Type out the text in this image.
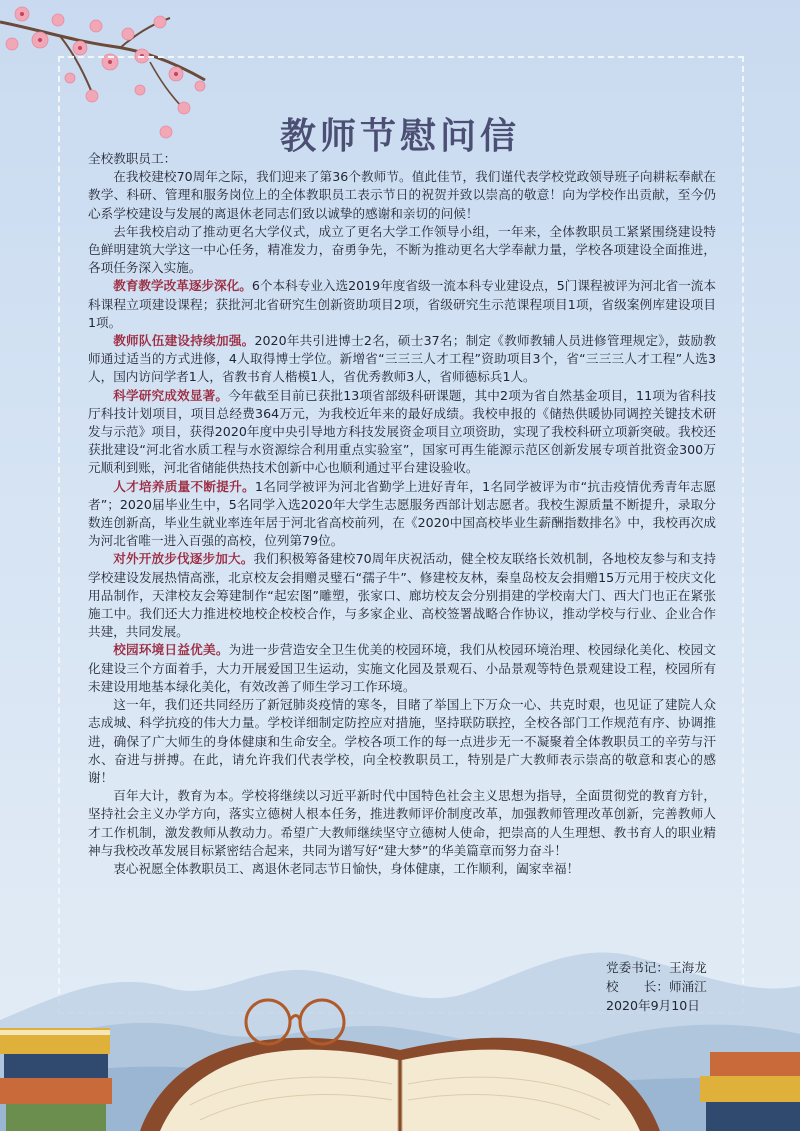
教师节慰问信

全校教职员工：

在我校建校70周年之际，我们迎来了第36个教师节。值此佳节，我们谨代表学校党政领导班子向耕耘奉献在教学、科研、管理和服务岗位上的全体教职员工表示节日的祝贺并致以崇高的敬意！向为学校作出贡献，至今仍心系学校建设与发展的离退休老同志们致以诚挚的感谢和亲切的问候！

去年我校启动了推动更名大学仪式，成立了更名大学工作领导小组，一年来，全体教职员工紧紧围绕建设特色鲜明建筑大学这一中心任务，精准发力，奋勇争先，不断为推动更名大学奉献力量，学校各项建设全面推进，各项任务深入实施。

教育教学改革逐步深化。6个本科专业入选2019年度省级一流本科专业建设点，5门课程被评为河北省一流本科课程立项建设课程；获批河北省研究生创新资助项目2项，省级研究生示范课程项目1项，省级案例库建设项目1项。

教师队伍建设持续加强。2020年共引进博士2名，硕士37名；制定《教师教辅人员进修管理规定》，鼓励教师通过适当的方式进修，4人取得博士学位。新增省“三三三人才工程”资助项目3个，省“三三三人才工程”人选3人，国内访问学者1人，省教书育人楷模1人，省优秀教师3人，省师德标兵1人。

科学研究成效显著。今年截至目前已获批13项省部级科研课题，其中2项为省自然基金项目，11项为省科技厅科技计划项目，项目总经费364万元，为我校近年来的最好成绩。我校申报的《储热供暖协同调控关键技术研发与示范》项目，获得2020年度中央引导地方科技发展资金项目立项资助，实现了我校科研立项新突破。我校还获批建设“河北省水质工程与水资源综合利用重点实验室”，国家可再生能源示范区创新发展专项首批资金300万元顺利到账，河北省储能供热技术创新中心也顺利通过平台建设验收。

人才培养质量不断提升。1名同学被评为河北省勤学上进好青年，1名同学被评为市“抗击疫情优秀青年志愿者”；2020届毕业生中，5名同学入选2020年大学生志愿服务西部计划志愿者。我校生源质量不断提升，录取分数连创新高，毕业生就业率连年居于河北省高校前列，在《2020中国高校毕业生薪酬指数排名》中，我校再次成为河北省唯一进入百强的高校，位列第79位。

对外开放步伐逐步加大。我们积极筹备建校70周年庆祝活动，健全校友联络长效机制，各地校友参与和支持学校建设发展热情高涨，北京校友会捐赠灵璧石“孺子牛”、修建校友林，秦皇岛校友会捐赠15万元用于校庆文化用品制作，天津校友会筹建制作“起宏图”雕塑，张家口、廊坊校友会分别捐建的学校南大门、西大门也正在紧张施工中。我们还大力推进校地校企校校合作，与多家企业、高校签署战略合作协议，推动学校与行业、企业合作共建，共同发展。

校园环境日益优美。为进一步营造安全卫生优美的校园环境，我们从校园环境治理、校园绿化美化、校园文化建设三个方面着手，大力开展爱国卫生运动，实施文化园及景观石、小品景观等特色景观建设工程，校园所有未建设用地基本绿化美化，有效改善了师生学习工作环境。

这一年，我们还共同经历了新冠肺炎疫情的寒冬，目睹了举国上下万众一心、共克时艰，也见证了建院人众志成城、科学抗疫的伟大力量。学校详细制定防控应对措施，坚持联防联控，全校各部门工作规范有序、协调推进，确保了广大师生的身体健康和生命安全。学校各项工作的每一点进步无一不凝聚着全体教职员工的辛劳与汗水、奋进与拼搏。在此，请允许我们代表学校，向全校教职员工，特别是广大教师表示崇高的敬意和衷心的感谢！

百年大计，教育为本。学校将继续以习近平新时代中国特色社会主义思想为指导，全面贯彻党的教育方针，坚持社会主义办学方向，落实立德树人根本任务，推进教师评价制度改革，加强教师管理改革创新，完善教师人才工作机制，激发教师从教动力。希望广大教师继续坚守立德树人使命，把崇高的人生理想、教书育人的职业精神与我校改革发展目标紧密结合起来，共同为谱写好“建大梦”的华美篇章而努力奋斗！

衷心祝愿全体教职员工、离退休老同志节日愉快，身体健康，工作顺利，阖家幸福！

党委书记：王海龙
校　　长：师涌江
2020年9月10日
